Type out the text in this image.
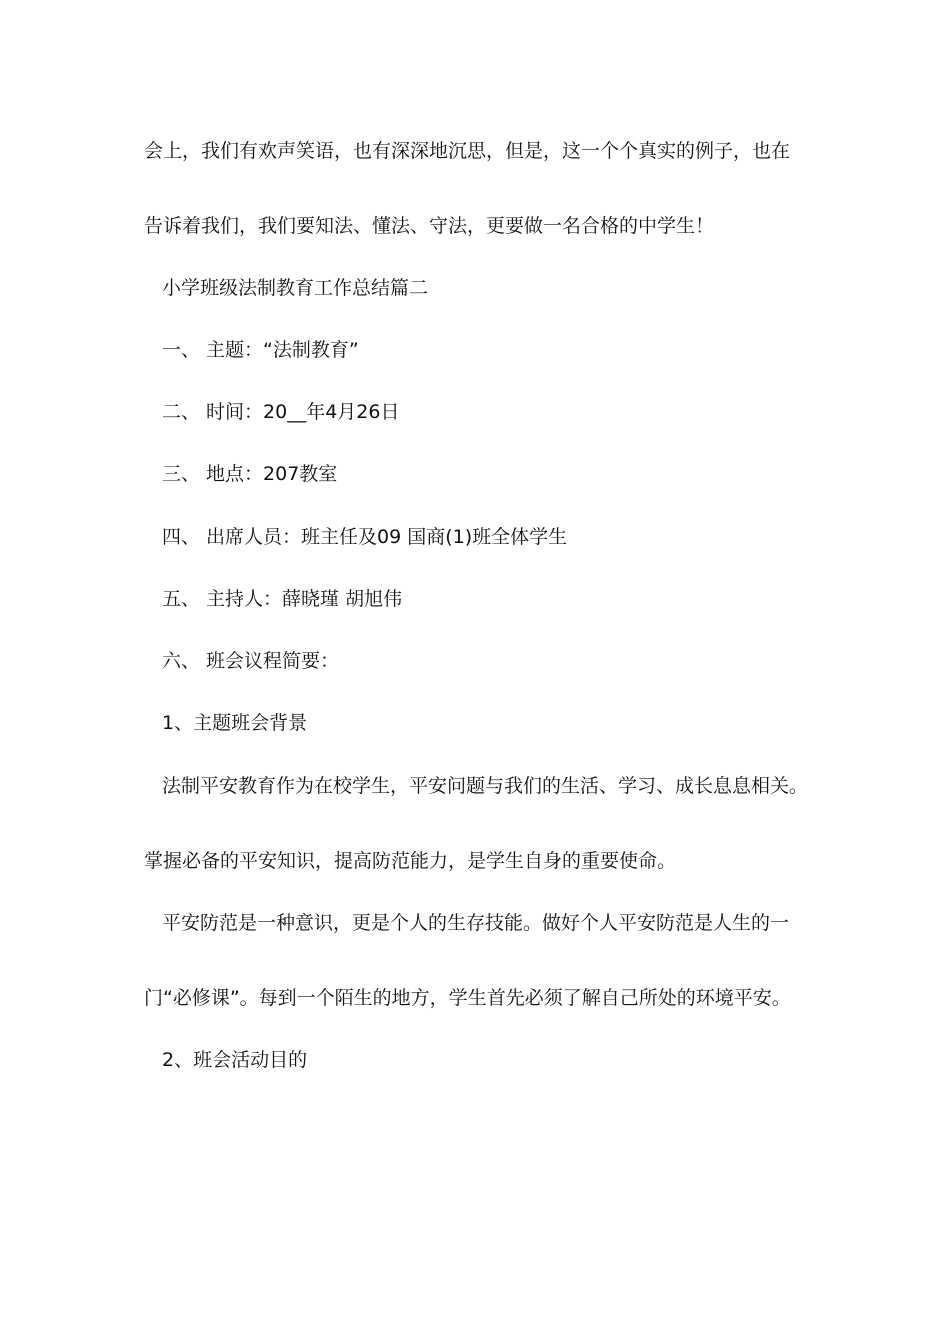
会上，我们有欢声笑语，也有深深地沉思，但是，这一个个真实的例子，也在
告诉着我们，我们要知法、懂法、守法，更要做一名合格的中学生！
小学班级法制教育工作总结篇二
一、 主题：“法制教育”
二、 时间：20__年4月26日
三、 地点：207教室
四、 出席人员：班主任及09 国商(1)班全体学生
五、 主持人：薛晓瑾 胡旭伟
六、 班会议程简要：
1、主题班会背景
法制平安教育作为在校学生，平安问题与我们的生活、学习、成长息息相关。
掌握必备的平安知识，提高防范能力，是学生自身的重要使命。
平安防范是一种意识，更是个人的生存技能。做好个人平安防范是人生的一
门“必修课”。每到一个陌生的地方，学生首先必须了解自己所处的环境平安。
2、班会活动目的
